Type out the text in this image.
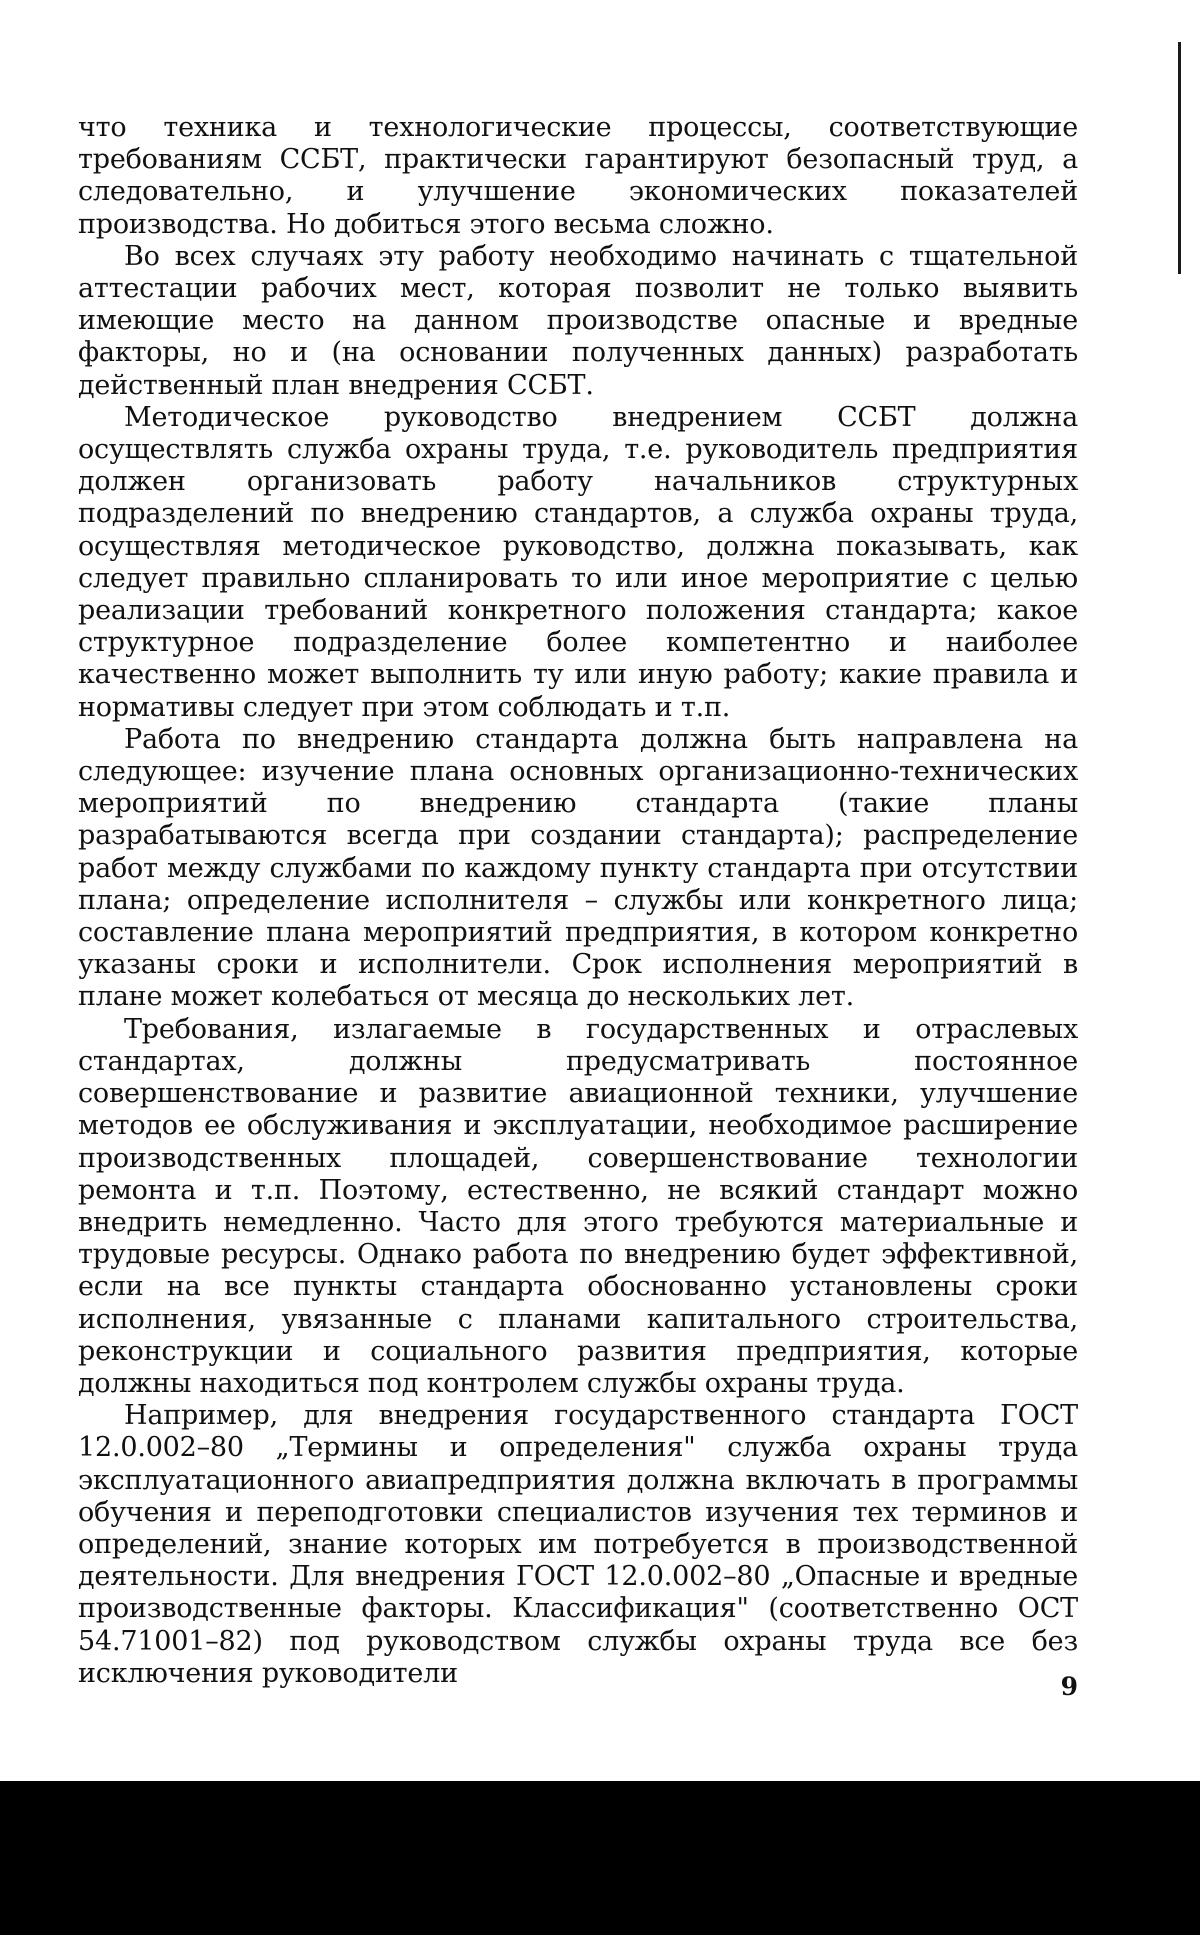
что техника и технологические процессы, соответствующие требованиям ССБТ, практически гарантируют безопасный труд, а следовательно, и улучшение экономических показателей производства. Но добиться этого весьма сложно.

Во всех случаях эту работу необходимо начинать с тщательной аттестации рабочих мест, которая позволит не только выявить имеющие место на данном производстве опасные и вредные факторы, но и (на основании полученных данных) разработать действенный план внедрения ССБТ.

Методическое руководство внедрением ССБТ должна осуществлять служба охраны труда, т.е. руководитель предприятия должен организовать работу начальников структурных подразделений по внедрению стандартов, а служба охраны труда, осуществляя методическое руководство, должна показывать, как следует правильно спланировать то или иное мероприятие с целью реализации требований конкретного положения стандарта; какое структурное подразделение более компетентно и наиболее качественно может выполнить ту или иную работу; какие правила и нормативы следует при этом соблюдать и т.п.

Работа по внедрению стандарта должна быть направлена на следующее: изучение плана основных организационно-технических мероприятий по внедрению стандарта (такие планы разрабатываются всегда при создании стандарта); распределение работ между службами по каждому пункту стандарта при отсутствии плана; определение исполнителя – службы или конкретного лица; составление плана мероприятий предприятия, в котором конкретно указаны сроки и исполнители. Срок исполнения мероприятий в плане может колебаться от месяца до нескольких лет.

Требования, излагаемые в государственных и отраслевых стандартах, должны предусматривать постоянное совершенствование и развитие авиационной техники, улучшение методов ее обслуживания и эксплуатации, необходимое расширение производственных площадей, совершенствование технологии ремонта и т.п. Поэтому, естественно, не всякий стандарт можно внедрить немедленно. Часто для этого требуются материальные и трудовые ресурсы. Однако работа по внедрению будет эффективной, если на все пункты стандарта обоснованно установлены сроки исполнения, увязанные с планами капитального строительства, реконструкции и социального развития предприятия, которые должны находиться под контролем службы охраны труда.

Например, для внедрения государственного стандарта ГОСТ 12.0.002–80 „Термины и определения" служба охраны труда эксплуатационного авиапредприятия должна включать в программы обучения и переподготовки специалистов изучения тех терминов и определений, знание которых им потребуется в производственной деятельности. Для внедрения ГОСТ 12.0.002–80 „Опасные и вредные производственные факторы. Классификация" (соответственно ОСТ 54.71001–82) под руководством службы охраны труда все без исключения руководители	9
